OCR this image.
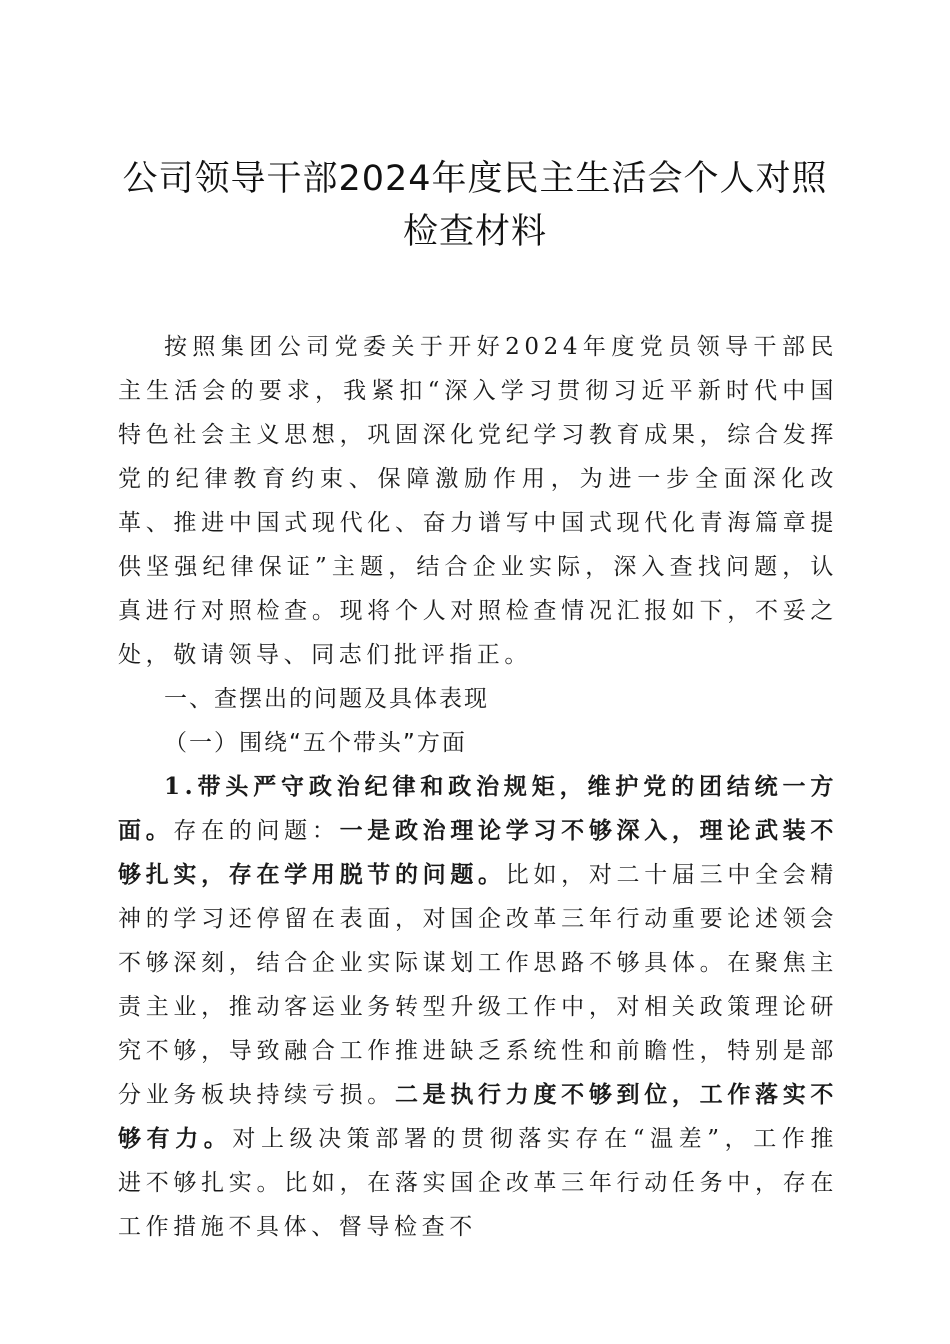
公司领导干部2024年度民主生活会个人对照
检查材料

按照集团公司党委关于开好2024年度党员领导干部民主生活会的要求，我紧扣“深入学习贯彻习近平新时代中国特色社会主义思想，巩固深化党纪学习教育成果，综合发挥党的纪律教育约束、保障激励作用，为进一步全面深化改革、推进中国式现代化、奋力谱写中国式现代化青海篇章提供坚强纪律保证”主题，结合企业实际，深入查找问题，认真进行对照检查。现将个人对照检查情况汇报如下，不妥之处，敬请领导、同志们批评指正。

一、查摆出的问题及具体表现

（一）围绕“五个带头”方面

1.带头严守政治纪律和政治规矩，维护党的团结统一方面。存在的问题：一是政治理论学习不够深入，理论武装不够扎实，存在学用脱节的问题。比如，对二十届三中全会精神的学习还停留在表面，对国企改革三年行动重要论述领会不够深刻，结合企业实际谋划工作思路不够具体。在聚焦主责主业，推动客运业务转型升级工作中，对相关政策理论研究不够，导致融合工作推进缺乏系统性和前瞻性，特别是部分业务板块持续亏损。二是执行力度不够到位，工作落实不够有力。对上级决策部署的贯彻落实存在“温差”，工作推进不够扎实。比如，在落实国企改革三年行动任务中，存在工作措施不具体、督导检查不
